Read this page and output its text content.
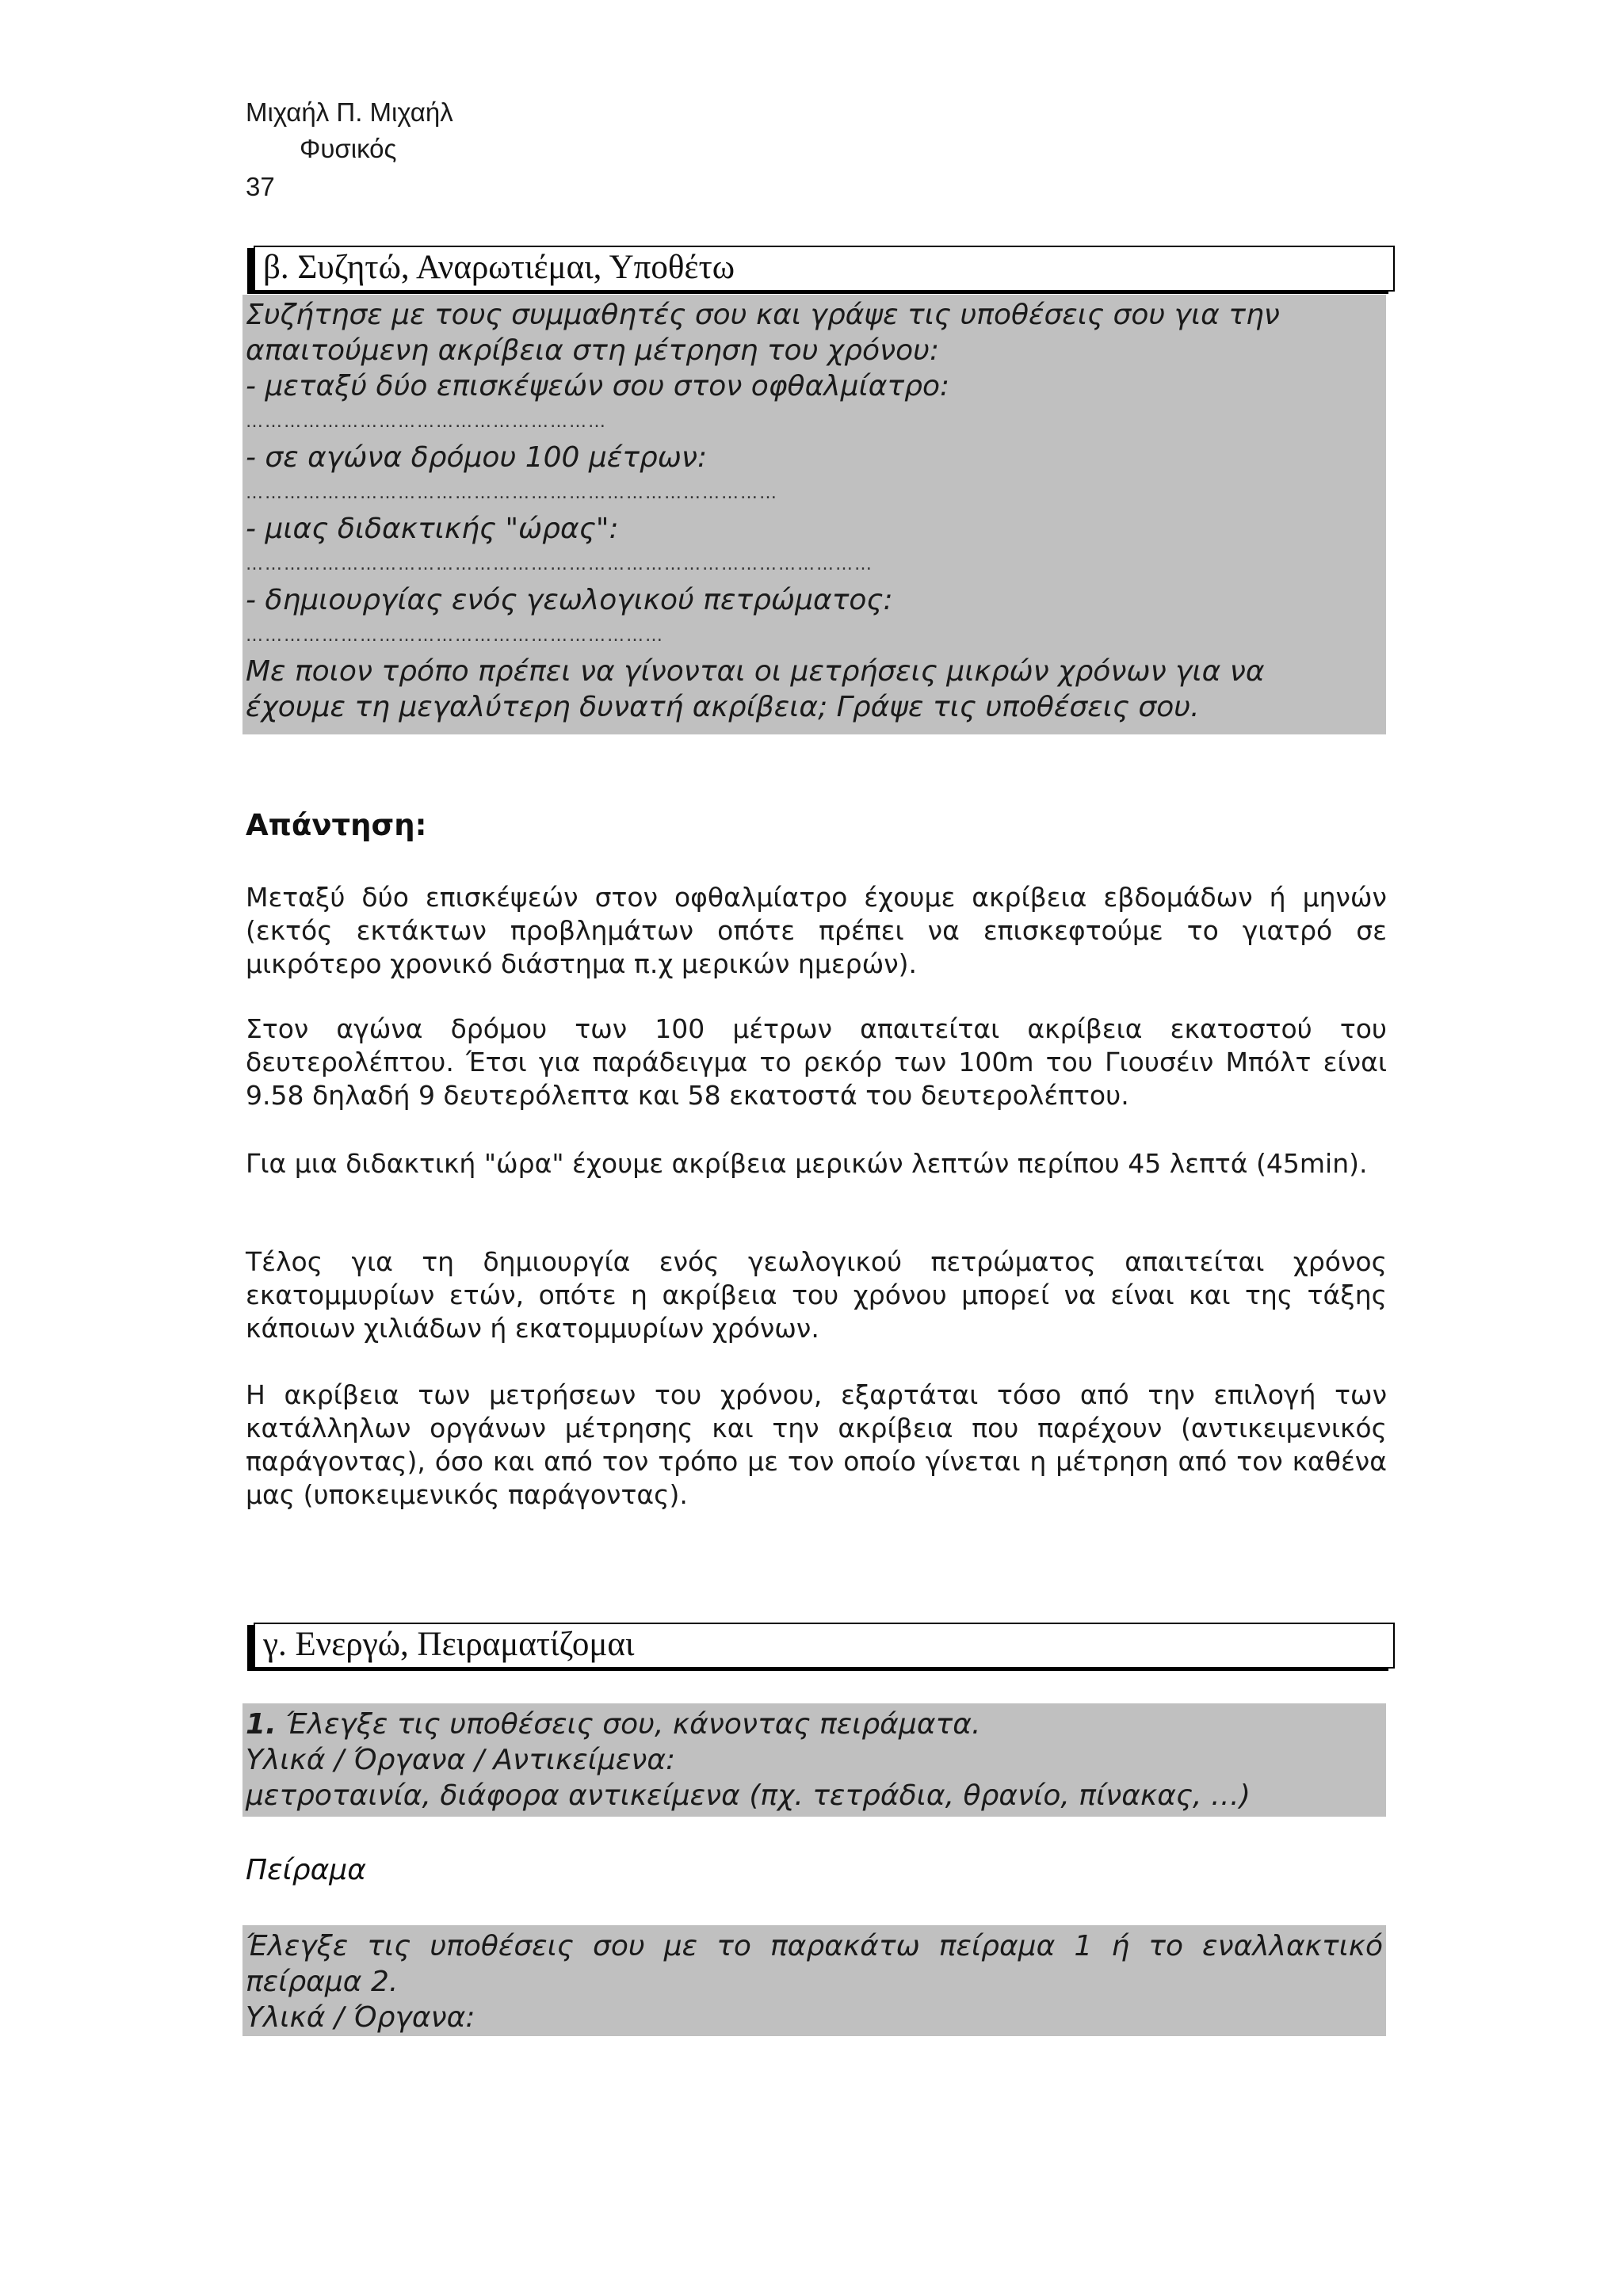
Μιχαήλ Π. Μιχαήλ
Φυσικός
37
β. Συζητώ, Αναρωτιέμαι, Υποθέτω
Συζήτησε με τους συμμαθητές σου και γράψε τις υποθέσεις σου για την
απαιτούμενη ακρίβεια στη μέτρηση του χρόνου:
- μεταξύ δύο επισκέψεών σου στον οφθαλμίατρο:
…………………………………………………
- σε αγώνα δρόμου 100 μέτρων:
…………………………………………………………………………
- μιας διδακτικής "ώρας":
………………………………………………………………………………………
- δημιουργίας ενός γεωλογικού πετρώματος:
…………………………………………………………
Με ποιον τρόπο πρέπει να γίνονται οι μετρήσεις μικρών χρόνων για να
έχουμε τη μεγαλύτερη δυνατή ακρίβεια; Γράψε τις υποθέσεις σου.
Απάντηση:
Μεταξύ δύο επισκέψεών στον οφθαλμίατρο έχουμε ακρίβεια εβδομάδων ή μηνών (εκτός εκτάκτων προβλημάτων οπότε πρέπει να επισκεφτούμε το γιατρό σε μικρότερο χρονικό διάστημα π.χ μερικών ημερών).
Στον αγώνα δρόμου των 100 μέτρων απαιτείται ακρίβεια εκατοστού του δευτερολέπτου. Έτσι για παράδειγμα το ρεκόρ των 100m του Γιουσέιν Μπόλτ είναι 9.58 δηλαδή 9 δευτερόλεπτα και 58 εκατοστά του δευτερολέπτου.
Για μια διδακτική "ώρα" έχουμε ακρίβεια μερικών λεπτών περίπου 45 λεπτά (45min).
Τέλος για τη δημιουργία ενός γεωλογικού πετρώματος απαιτείται χρόνος εκατομμυρίων ετών, οπότε η ακρίβεια του χρόνου μπορεί να είναι και της τάξης κάποιων χιλιάδων ή εκατομμυρίων χρόνων.
Η ακρίβεια των μετρήσεων του χρόνου, εξαρτάται τόσο από την επιλογή των κατάλληλων οργάνων μέτρησης και την ακρίβεια που παρέχουν (αντικειμενικός παράγοντας), όσο και από τον τρόπο με τον οποίο γίνεται η μέτρηση από τον καθένα μας (υποκειμενικός παράγοντας).
γ. Ενεργώ, Πειραματίζομαι
1. Έλεγξε τις υποθέσεις σου, κάνοντας πειράματα.
Υλικά / Όργανα / Αντικείμενα:
μετροταινία, διάφορα αντικείμενα (πχ. τετράδια, θρανίο, πίνακας, …)
Πείραμα
Έλεγξε τις υποθέσεις σου με το παρακάτω πείραμα 1 ή το εναλλακτικό
πείραμα 2.
Υλικά / Όργανα:
